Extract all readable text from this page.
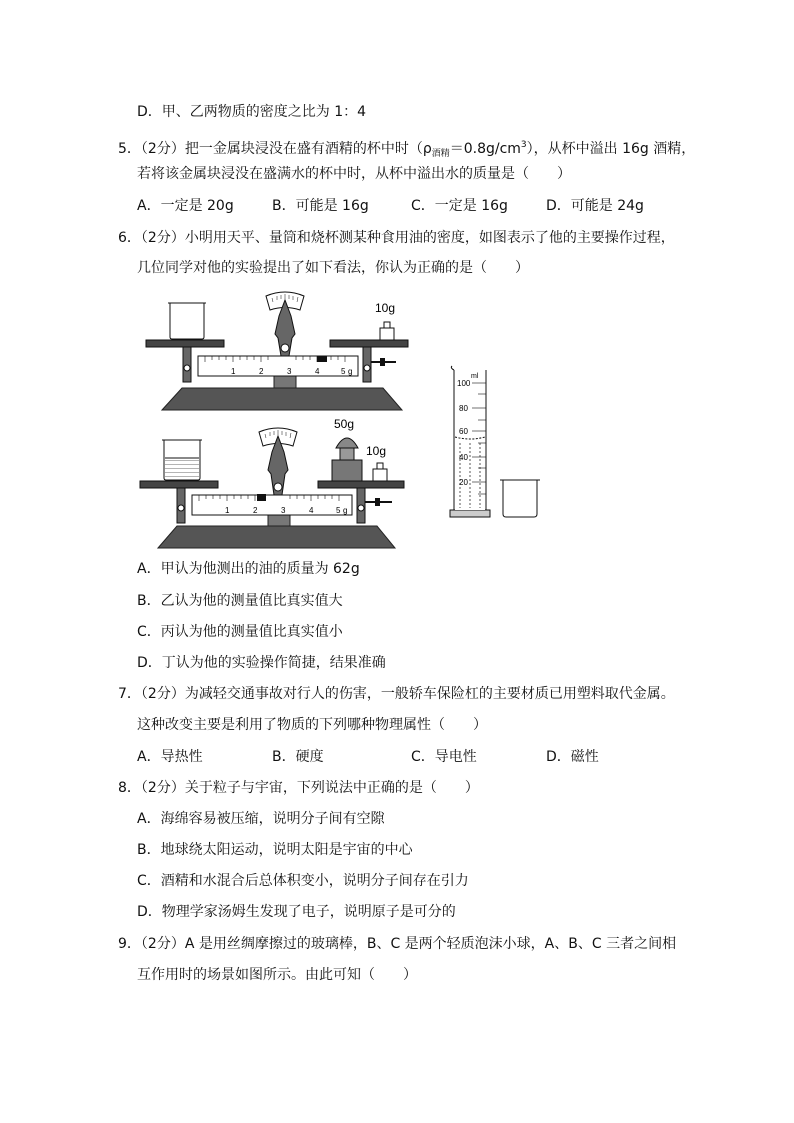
D．甲、乙两物质的密度之比为 1：4
5．（2分）把一金属块浸没在盛有酒精的杯中时$(\rho_{酒精}=0.8g/cm^3)$，从杯中溢出 16g 酒精，
若将该金属块浸没在盛满水的杯中时，从杯中溢出水的质量是（　　）
A．一定是 20g	B．可能是 16g	C．一定是 16g	D．可能是 24g
6．（2分）小明用天平、量筒和烧杯测某种食用油的密度，如图表示了他的主要操作过程，
几位同学对他的实验提出了如下看法，你认为正确的是（　　）
1	2	3	4	5 g
10g
ml
100
80
60
40
20
1	2	3	4	5 g
50g
10g
A．甲认为他测出的油的质量为 62g
B．乙认为他的测量值比真实值大
C．丙认为他的测量值比真实值小
D．丁认为他的实验操作简捷，结果准确
7．（2分）为减轻交通事故对行人的伤害，一般轿车保险杠的主要材质已用塑料取代金属。
这种改变主要是利用了物质的下列哪种物理属性（　　）
A．导热性	B．硬度	C．导电性	D．磁性
8．（2分）关于粒子与宇宙，下列说法中正确的是（　　）
A．海绵容易被压缩，说明分子间有空隙
B．地球绕太阳运动，说明太阳是宇宙的中心
C．酒精和水混合后总体积变小，说明分子间存在引力
D．物理学家汤姆生发现了电子，说明原子是可分的
9．（2分）A 是用丝绸摩擦过的玻璃棒，B、C 是两个轻质泡沫小球，A、B、C 三者之间相
互作用时的场景如图所示。由此可知（　　）
